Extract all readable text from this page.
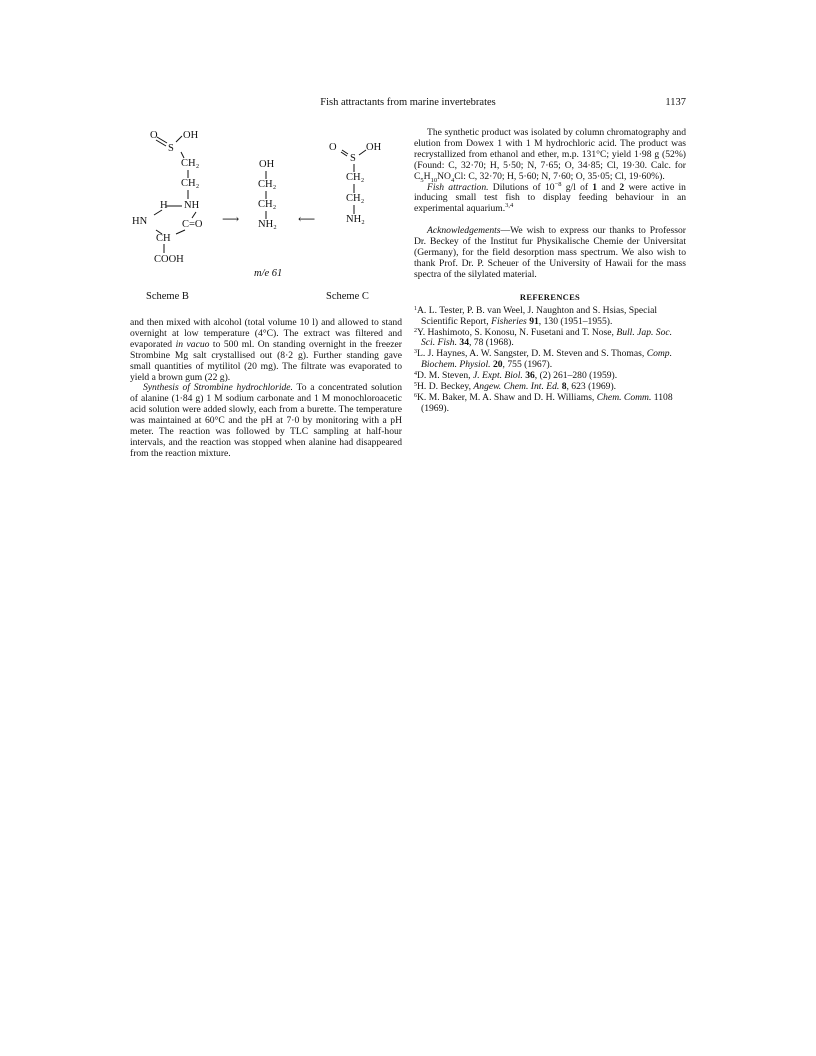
Fish attractants from marine invertebrates	1137
O OH
S
CH₂
CH₂
H NH
HN	C=O
CH
COOH
OH
CH₂
CH₂
NH₂
⟶	⟵
O	OH
S
CH₂
CH₂
NH₂
m/e 61
Scheme B	Scheme C

and then mixed with alcohol (total volume 10 l) and allowed to stand overnight at low temperature (4°C). The extract was filtered and evaporated in vacuo to 500 ml. On standing overnight in the freezer Strombine Mg salt crystallised out (8·2 g). Further standing gave small quantities of mytilitol (20 mg). The filtrate was evaporated to yield a brown gum (22 g).

Synthesis of Strombine hydrochloride. To a concentrated solution of alanine (1·84 g) 1 M sodium carbonate and 1 M monochloroacetic acid solution were added slowly, each from a burette. The temperature was maintained at 60°C and the pH at 7·0 by monitoring with a pH meter. The reaction was followed by TLC sampling at half-hour intervals, and the reaction was stopped when alanine had disappeared from the reaction mixture.

The synthetic product was isolated by column chromatography and elution from Dowex 1 with 1 M hydrochloric acid. The product was recrystallized from ethanol and ether, m.p. 131°C; yield 1·98 g (52%) (Found: C, 32·70; H, 5·50; N, 7·65; O, 34·85; Cl, 19·30. Calc. for $C_5H_{10}NO_4Cl$: C, 32·70; H, 5·60; N, 7·60; O, 35·05; Cl, 19·60%).

Fish attraction. Dilutions of $10^{-8}$ g/l of 1 and 2 were active in inducing small test fish to display feeding behaviour in an experimental aquarium.$^{3,4}$

Acknowledgements—We wish to express our thanks to Professor Dr. Beckey of the Institut fur Physikalische Chemie der Universitat (Germany), for the field desorption mass spectrum. We also wish to thank Prof. Dr. P. Scheuer of the University of Hawaii for the mass spectra of the silylated material.

REFERENCES

$^1$A. L. Tester, P. B. van Weel, J. Naughton and S. Hsias, Special Scientific Report, Fisheries 91, 130 (1951–1955).

$^2$Y. Hashimoto, S. Konosu, N. Fusetani and T. Nose, Bull. Jap. Soc. Sci. Fish. 34, 78 (1968).

$^3$L. J. Haynes, A. W. Sangster, D. M. Steven and S. Thomas, Comp. Biochem. Physiol. 20, 755 (1967).

$^4$D. M. Steven, J. Expt. Biol. 36, (2) 261–280 (1959).

$^5$H. D. Beckey, Angew. Chem. Int. Ed. 8, 623 (1969).

$^6$K. M. Baker, M. A. Shaw and D. H. Williams, Chem. Comm. 1108 (1969).
